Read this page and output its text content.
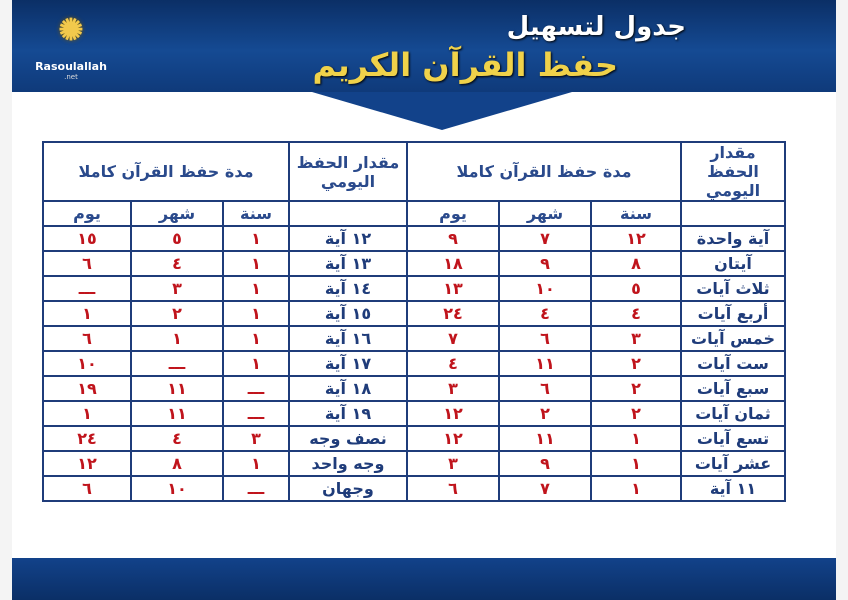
✺
Rasoulallah
.net
جدول لتسهيل
حفظ القرآن الكريم
مقدار الحفظ اليومي	مدة حفظ القرآن كاملا			مقدار الحفظ اليومي	مدة حفظ القرآن كاملا		
	سنة	شهر	يوم		سنة	شهر	يوم
آية واحدة	١٢	٧	٩	١٢ آية	١	٥	١٥
آيتان	٨	٩	١٨	١٣ آية	١	٤	٦
ثلاث آيات	٥	١٠	١٣	١٤ آية	١	٣	ـــ
أربع آيات	٤	٤	٢٤	١٥ آية	١	٢	١
خمس آيات	٣	٦	٧	١٦ آية	١	١	٦
ست آيات	٢	١١	٤	١٧ آية	١	ـــ	١٠
سبع آيات	٢	٦	٣	١٨ آية	ـــ	١١	١٩
ثمان آيات	٢	٢	١٢	١٩ آية	ـــ	١١	١
تسع آيات	١	١١	١٢	نصف وجه	٣	٤	٢٤
عشر آيات	١	٩	٣	وجه واحد	١	٨	١٢
١١ آية	١	٧	٦	وجهان	ـــ	١٠	٦
